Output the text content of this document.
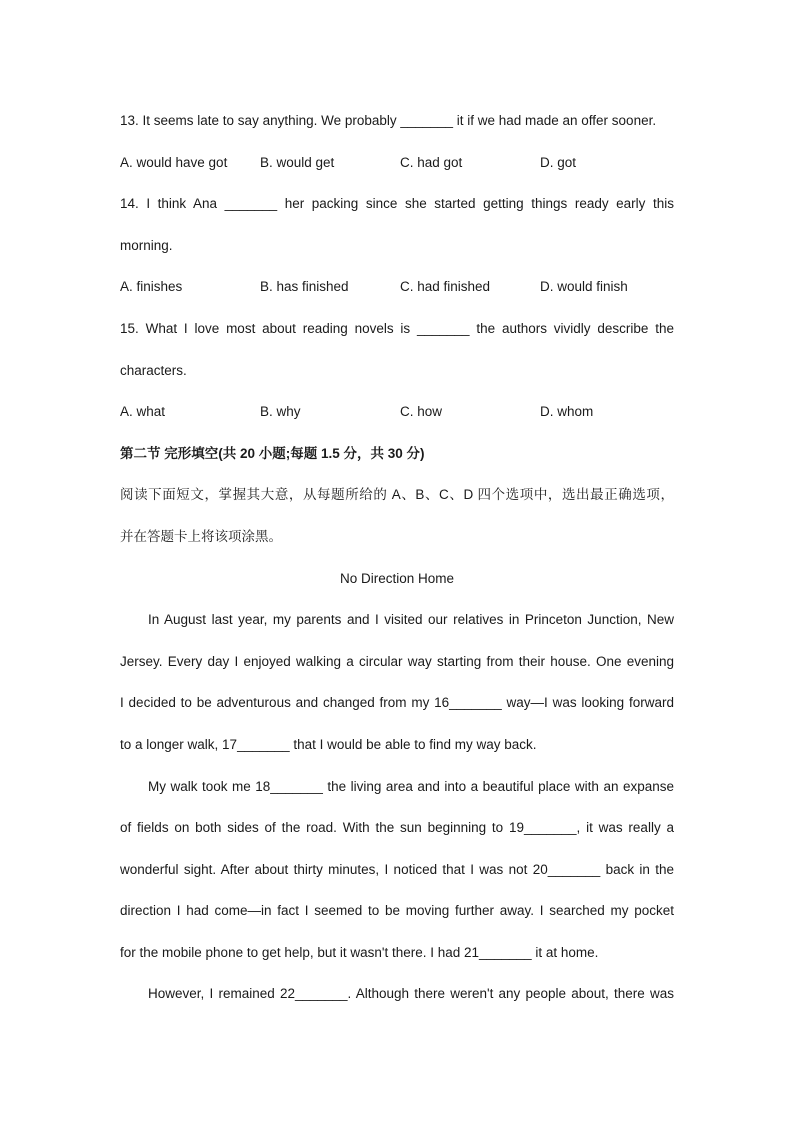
13. It seems late to say anything. We probably _______ it if we had made an offer sooner.
A. would have got	B. would get	C. had got	D. got
14. I think Ana _______ her packing since she started getting things ready early this
morning.
A. finishes	B. has finished	C. had finished	D. would finish
15. What I love most about reading novels is _______ the authors vividly describe the
characters.
A. what	B. why	C. how	D. whom
第二节 完形填空(共 20 小题;每题 1.5 分，共 30 分)
阅读下面短文，掌握其大意，从每题所给的 A、B、C、D 四个选项中，选出最正确选项，
并在答题卡上将该项涂黑。
No Direction Home
In August last year, my parents and I visited our relatives in Princeton Junction, New
Jersey. Every day I enjoyed walking a circular way starting from their house. One evening
I decided to be adventurous and changed from my 16_______ way—I was looking forward
to a longer walk, 17_______ that I would be able to find my way back.
My walk took me 18_______ the living area and into a beautiful place with an expanse
of fields on both sides of the road. With the sun beginning to 19_______, it was really a
wonderful sight. After about thirty minutes, I noticed that I was not 20_______ back in the
direction I had come—in fact I seemed to be moving further away. I searched my pocket
for the mobile phone to get help, but it wasn't there. I had 21_______ it at home.
However, I remained 22_______. Although there weren't any people about, there was
